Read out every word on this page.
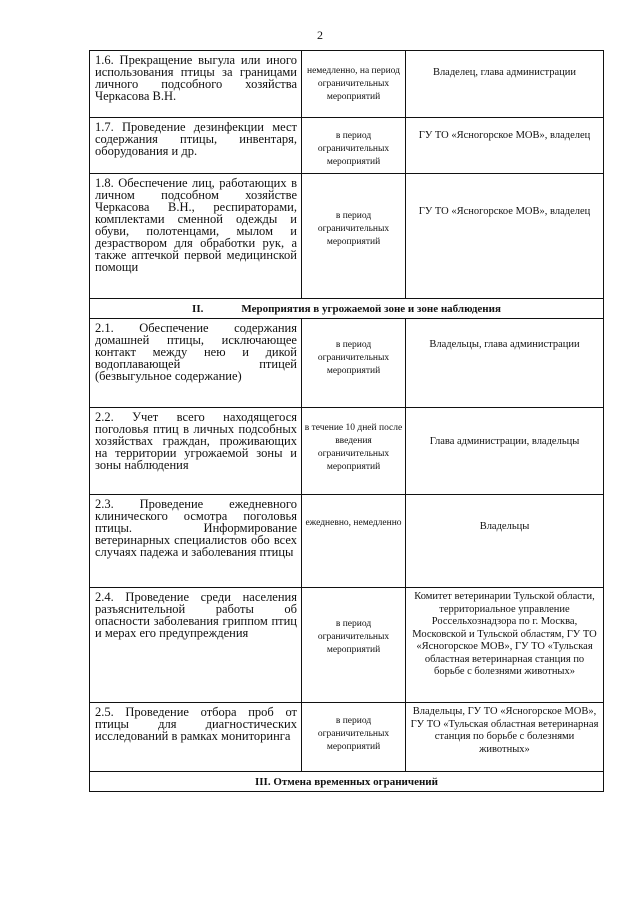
2
1.6. Прекращение выгула или иного использования птицы за границами личного подсобного хозяйства Черкасова В.Н.	немедленно, на период ограничительных мероприятий	Владелец, глава администрации

1.7. Проведение дезинфекции мест содержания птицы, инвентаря, оборудования и др.	в период ограничительных мероприятий	ГУ ТО «Ясногорское МОВ», владелец

1.8. Обеспечение лиц, работающих в личном подсобном хозяйстве Черкасова В.Н., респираторами, комплектами сменной одежды и обуви, полотенцами, мылом и дезраствором для обработки рук, а также аптечкой первой медицинской помощи	в период ограничительных мероприятий	ГУ ТО «Ясногорское МОВ», владелец

II. Мероприятия в угрожаемой зоне и зоне наблюдения		

2.1. Обеспечение содержания домашней птицы, исключающее контакт между нею и дикой водоплавающей птицей (безвыгульное содержание)	в период ограничительных мероприятий	Владельцы, глава администрации

2.2. Учет всего находящегося поголовья птиц в личных подсобных хозяйствах граждан, проживающих на территории угрожаемой зоны и зоны наблюдения	в течение 10 дней после введения ограничительных мероприятий	Глава администрации, владельцы

2.3. Проведение ежедневного клинического осмотра поголовья птицы. Информирование ветеринарных специалистов обо всех случаях падежа и заболевания птицы	ежедневно, немедленно	Владельцы

2.4. Проведение среди населения разъяснительной работы об опасности заболевания гриппом птиц и мерах его предупреждения	в период ограничительных мероприятий	Комитет ветеринарии Тульской области, территориальное управление Россельхознадзора по г. Москва, Московской и Тульской областям, ГУ ТО «Ясногорское МОВ», ГУ ТО «Тульская областная ветеринарная станция по борьбе с болезнями животных»

2.5. Проведение отбора проб от птицы для диагностических исследований в рамках мониторинга	в период ограничительных мероприятий	Владельцы, ГУ ТО «Ясногорское МОВ», ГУ ТО «Тульская областная ветеринарная станция по борьбе с болезнями животных»

III. Отмена временных ограничений		
